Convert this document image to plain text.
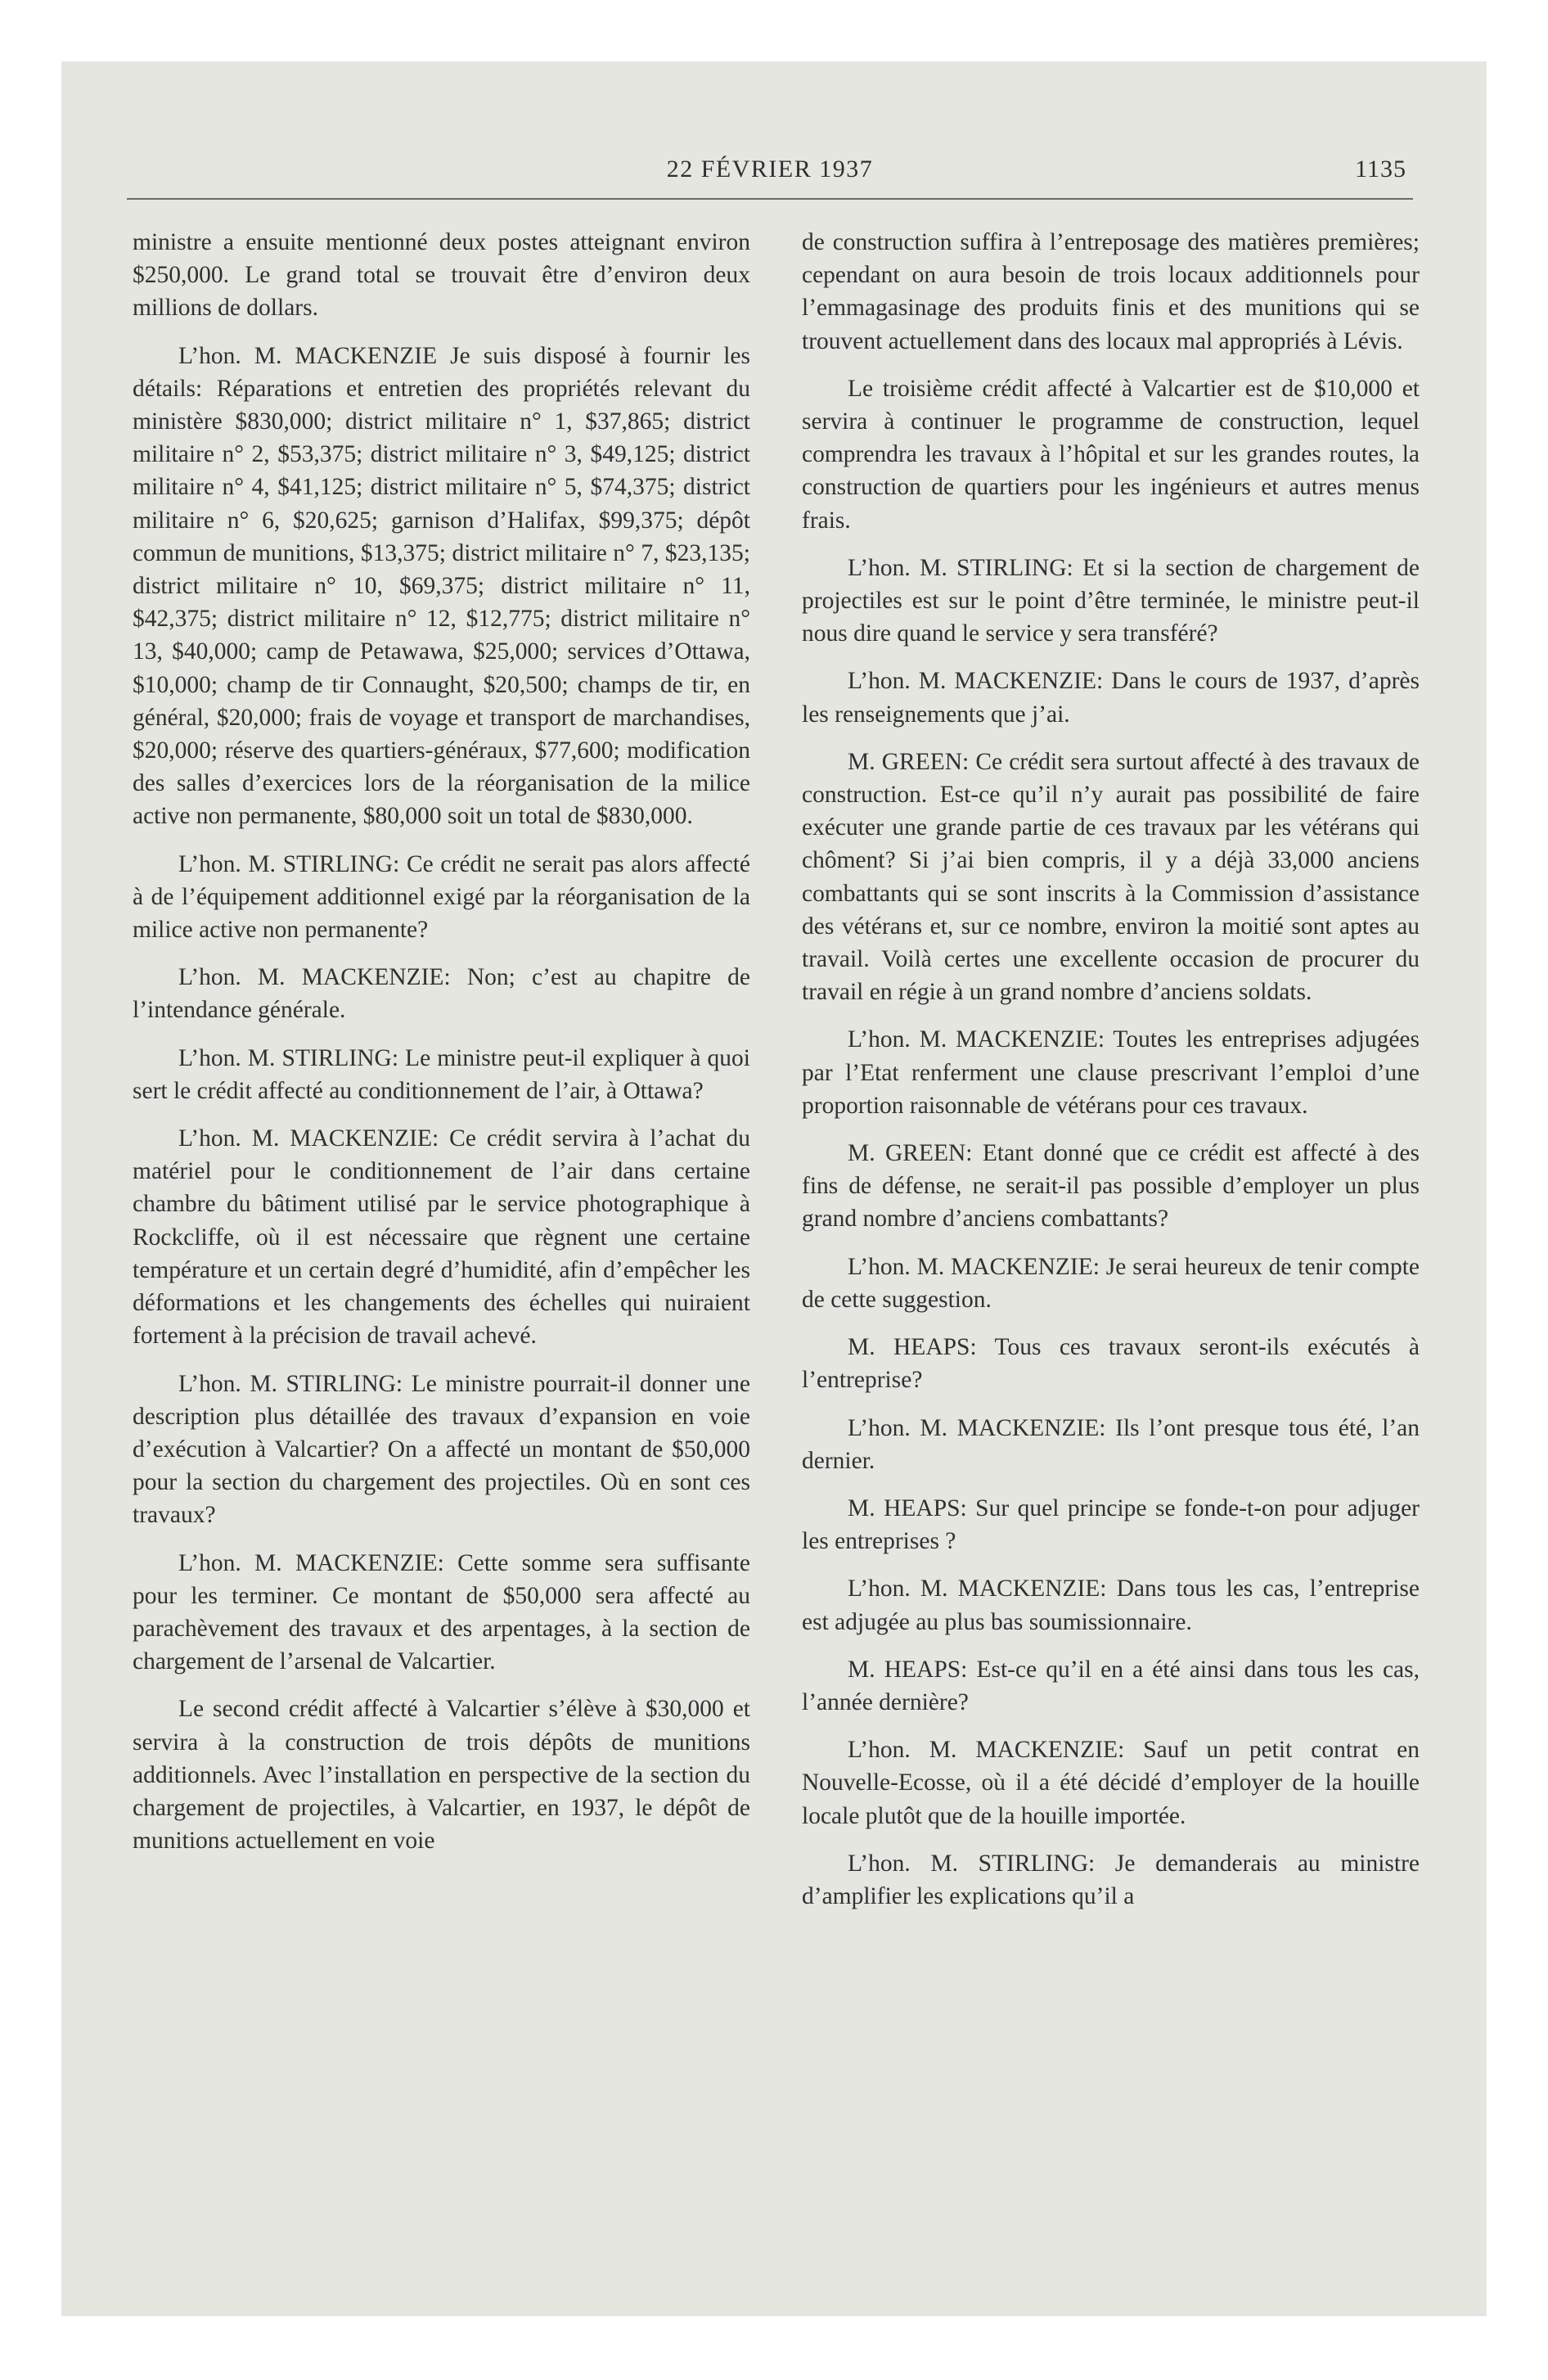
22 FÉVRIER 1937	1135

ministre a ensuite mentionné deux postes atteignant environ $250,000. Le grand total se trouvait être d’environ deux millions de dollars.

L’hon. M. MACKENZIE Je suis disposé à fournir les détails: Réparations et entretien des propriétés relevant du ministère $830,000; district militaire n° 1, $37,865; district militaire n° 2, $53,375; district militaire n° 3, $49,125; district militaire n° 4, $41,125; district militaire n° 5, $74,375; district militaire n° 6, $20,625; garnison d’Halifax, $99,375; dépôt commun de munitions, $13,375; district militaire n° 7, $23,135; district militaire n° 10, $69,375; district militaire n° 11, $42,375; district militaire n° 12, $12,775; district militaire n° 13, $40,000; camp de Petawawa, $25,000; services d’Ottawa, $10,000; champ de tir Connaught, $20,500; champs de tir, en général, $20,000; frais de voyage et transport de marchandises, $20,000; réserve des quartiers-généraux, $77,600; modification des salles d’exercices lors de la réorganisation de la milice active non permanente, $80,000 soit un total de $830,000.

L’hon. M. STIRLING: Ce crédit ne serait pas alors affecté à de l’équipement additionnel exigé par la réorganisation de la milice active non permanente?

L’hon. M. MACKENZIE: Non; c’est au chapitre de l’intendance générale.

L’hon. M. STIRLING: Le ministre peut-il expliquer à quoi sert le crédit affecté au conditionnement de l’air, à Ottawa?

L’hon. M. MACKENZIE: Ce crédit servira à l’achat du matériel pour le conditionnement de l’air dans certaine chambre du bâtiment utilisé par le service photographique à Rockcliffe, où il est nécessaire que règnent une certaine température et un certain degré d’humidité, afin d’empêcher les déformations et les changements des échelles qui nuiraient fortement à la précision de travail achevé.

L’hon. M. STIRLING: Le ministre pourrait-il donner une description plus détaillée des travaux d’expansion en voie d’exécution à Valcartier? On a affecté un montant de $50,000 pour la section du chargement des projectiles. Où en sont ces travaux?

L’hon. M. MACKENZIE: Cette somme sera suffisante pour les terminer. Ce montant de $50,000 sera affecté au parachèvement des travaux et des arpentages, à la section de chargement de l’arsenal de Valcartier.

Le second crédit affecté à Valcartier s’élève à $30,000 et servira à la construction de trois dépôts de munitions additionnels. Avec l’installation en perspective de la section du chargement de projectiles, à Valcartier, en 1937, le dépôt de munitions actuellement en voie

de construction suffira à l’entreposage des matières premières; cependant on aura besoin de trois locaux additionnels pour l’emmagasinage des produits finis et des munitions qui se trouvent actuellement dans des locaux mal appropriés à Lévis.

Le troisième crédit affecté à Valcartier est de $10,000 et servira à continuer le programme de construction, lequel comprendra les travaux à l’hôpital et sur les grandes routes, la construction de quartiers pour les ingénieurs et autres menus frais.

L’hon. M. STIRLING: Et si la section de chargement de projectiles est sur le point d’être terminée, le ministre peut-il nous dire quand le service y sera transféré?

L’hon. M. MACKENZIE: Dans le cours de 1937, d’après les renseignements que j’ai.

M. GREEN: Ce crédit sera surtout affecté à des travaux de construction. Est-ce qu’il n’y aurait pas possibilité de faire exécuter une grande partie de ces travaux par les vétérans qui chôment? Si j’ai bien compris, il y a déjà 33,000 anciens combattants qui se sont inscrits à la Commission d’assistance des vétérans et, sur ce nombre, environ la moitié sont aptes au travail. Voilà certes une excellente occasion de procurer du travail en régie à un grand nombre d’anciens soldats.

L’hon. M. MACKENZIE: Toutes les entreprises adjugées par l’Etat renferment une clause prescrivant l’emploi d’une proportion raisonnable de vétérans pour ces travaux.

M. GREEN: Etant donné que ce crédit est affecté à des fins de défense, ne serait-il pas possible d’employer un plus grand nombre d’anciens combattants?

L’hon. M. MACKENZIE: Je serai heureux de tenir compte de cette suggestion.

M. HEAPS: Tous ces travaux seront-ils exécutés à l’entreprise?

L’hon. M. MACKENZIE: Ils l’ont presque tous été, l’an dernier.

M. HEAPS: Sur quel principe se fonde-t-on pour adjuger les entreprises ?

L’hon. M. MACKENZIE: Dans tous les cas, l’entreprise est adjugée au plus bas soumissionnaire.

M. HEAPS: Est-ce qu’il en a été ainsi dans tous les cas, l’année dernière?

L’hon. M. MACKENZIE: Sauf un petit contrat en Nouvelle-Ecosse, où il a été décidé d’employer de la houille locale plutôt que de la houille importée.

L’hon. M. STIRLING: Je demanderais au ministre d’amplifier les explications qu’il a
